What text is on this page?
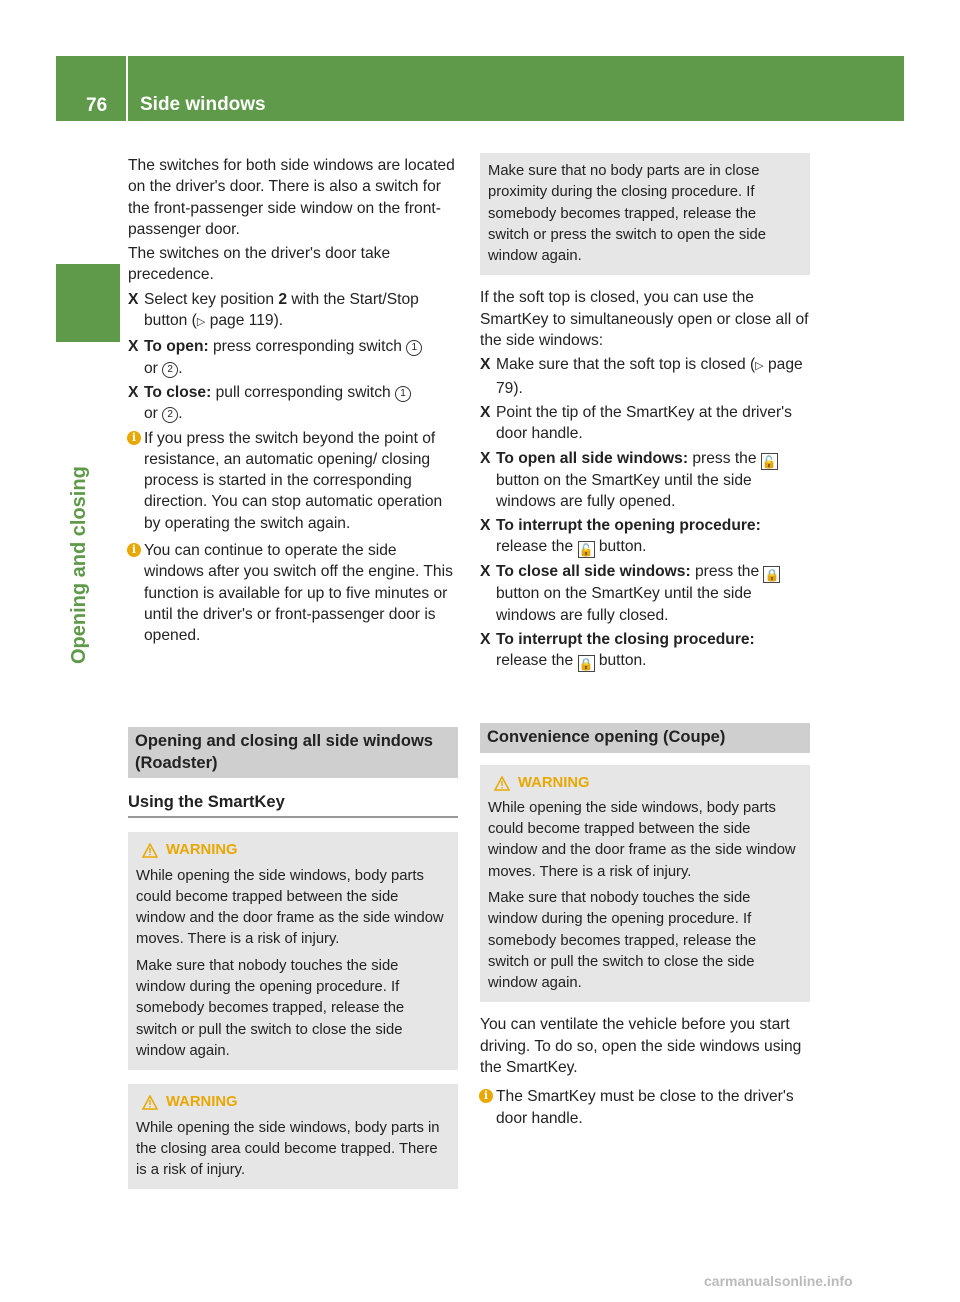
76	Side windows
Opening and closing

The switches for both side windows are located on the driver's door. There is also a switch for the front-passenger side window on the front-passenger door.

The switches on the driver's door take precedence.

X Select key position 2 with the Start/Stop button (▷ page 119).
X To open: press corresponding switch 1
or 2 .
X To close: pull corresponding switch 1
or 2 .
i If you press the switch beyond the point of resistance, an automatic opening/ closing process is started in the corresponding direction. You can stop automatic operation by operating the switch again.
i You can continue to operate the side windows after you switch off the engine. This function is available for up to five minutes or until the driver's or front-passenger door is opened.
Opening and closing all side windows (Roadster)
Using the SmartKey
WARNING

While opening the side windows, body parts could become trapped between the side window and the door frame as the side window moves. There is a risk of injury.

Make sure that nobody touches the side window during the opening procedure. If somebody becomes trapped, release the switch or pull the switch to close the side window again.

WARNING

While opening the side windows, body parts in the closing area could become trapped. There is a risk of injury.

Make sure that no body parts are in close proximity during the closing procedure. If somebody becomes trapped, release the switch or press the switch to open the side window again.

If the soft top is closed, you can use the SmartKey to simultaneously open or close all of the side windows:

X Make sure that the soft top is closed (▷ page 79).
X Point the tip of the SmartKey at the driver's door handle.
X To open all side windows: press the 🔓 button on the SmartKey until the side windows are fully opened.
X To interrupt the opening procedure: release the 🔓 button.
X To close all side windows: press the 🔒 button on the SmartKey until the side windows are fully closed.
X To interrupt the closing procedure: release the 🔒 button.
Convenience opening (Coupe)
WARNING

While opening the side windows, body parts could become trapped between the side window and the door frame as the side window moves. There is a risk of injury.

Make sure that nobody touches the side window during the opening procedure. If somebody becomes trapped, release the switch or pull the switch to close the side window again.

You can ventilate the vehicle before you start driving. To do so, open the side windows using the SmartKey.

i The SmartKey must be close to the driver's door handle.
carmanualsonline.info
